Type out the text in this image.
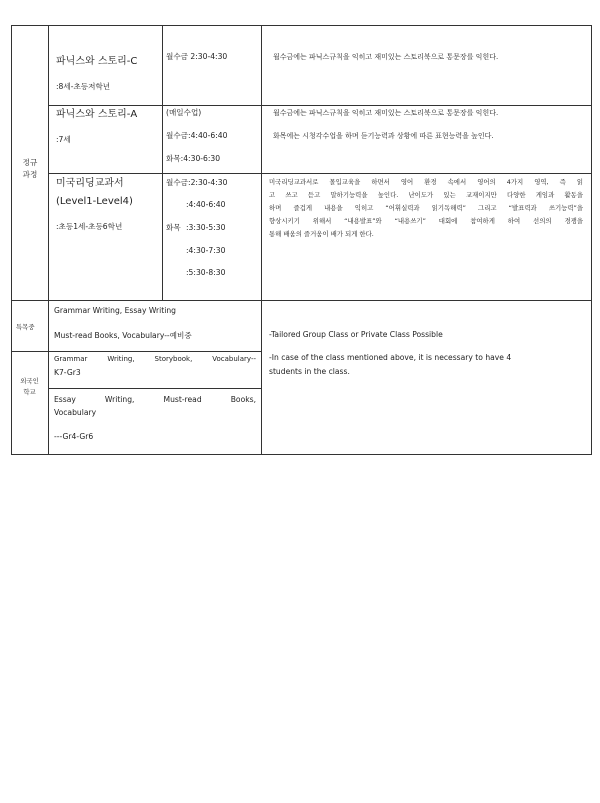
정규
과정
파닉스와 스토리-C
:8세-초등저학년
월수금 2:30-4:30	월수금에는 파닉스규칙을 익히고 재미있는 스토리북으로 통문장를 익힌다.
파닉스와 스토리-A
:7세
(매일수업)
월수금:4:40-6:40
화목:4:30-6:30
월수금에는 파닉스규칙을 익히고 재미있는 스토리북으로 통문장를 익힌다.
화목에는 시청각수업을 하며 듣기능력과 상황에 따른 표현능력을 높인다.
미국리딩교과서
(Level1-Level4)
:초등1세-초등6학년
월수금:2:30-4:30
:4:40-6:40
화목 :3:30-5:30
:4:30-7:30
:5:30-8:30
미국리딩교과서로 몰입교육을 하면서 영어 환경 속에서 영어의 4가지 영역, 즉 읽
고 쓰고 듣고 말하기능력을 높인다. 난이도가 있는 교재이지만 다양한 게임과 활동을
하며 즐겁게 내용을 익히고 “어휘실력과 읽기독해력” 그리고 “발표력과 쓰기능력”을
향상시키기 위해서 “내용발표”와 “내용쓰기” 대회에 참여하게 하여 선의의 경쟁을
통해 배움의 즐거움이 배가 되게 한다.
특목중
Grammar Writing, Essay Writing
Must-read Books, Vocabulary--예비중	-Tailored Group Class or Private Class Possible
외국인
학교
Grammar Writing, Storybook, Vocabulary--
K7-Gr3
Essay Writing, Must-read Books,
Vocabulary
---Gr4-Gr6
-In case of the class mentioned above, it is necessary to have 4
students in the class.
